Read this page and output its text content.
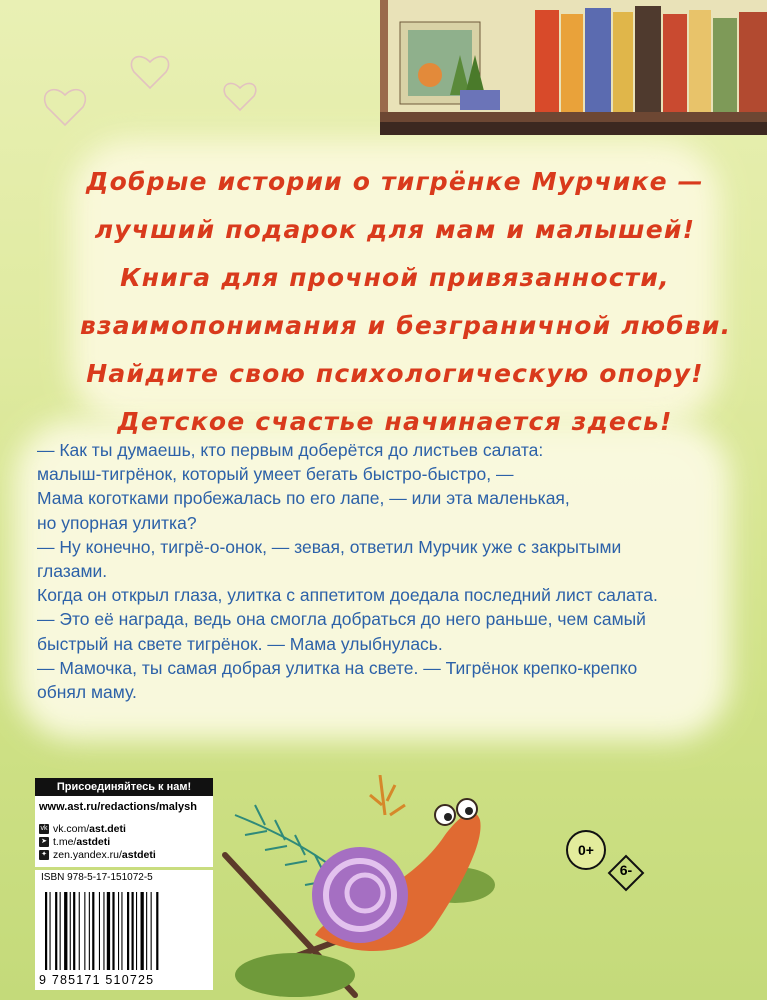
Добрые истории о тигрёнке Мурчике —
лучший подарок для мам и малышей!
Книга для прочной привязанности,
взаимопонимания и безграничной любви.
Найдите свою психологическую опору!
Детское счастье начинается здесь!
— Как ты думаешь, кто первым доберётся до листьев салата:
малыш-тигрёнок, который умеет бегать быстро-быстро, —
Мама коготками пробежалась по его лапе, — или эта маленькая,
но упорная улитка?
— Ну конечно, тигрё-о-онок, — зевая, ответил Мурчик уже с закрытыми
глазами.
Когда он открыл глаза, улитка с аппетитом доедала последний лист салата.
— Это её награда, ведь она смогла добраться до него раньше, чем самый
быстрый на свете тигрёнок. — Мама улыбнулась.
— Мамочка, ты самая добрая улитка на свете. — Тигрёнок крепко-крепко
обнял маму.
Присоединяйтесь к нам!
www.ast.ru/redactions/malysh
vk vk.com/ ast.deti
➤ t.me/ astdeti
✦ zen.yandex.ru/ astdeti
ISBN 978-5-17-151072-5
9 785171 510725
0+
6-
